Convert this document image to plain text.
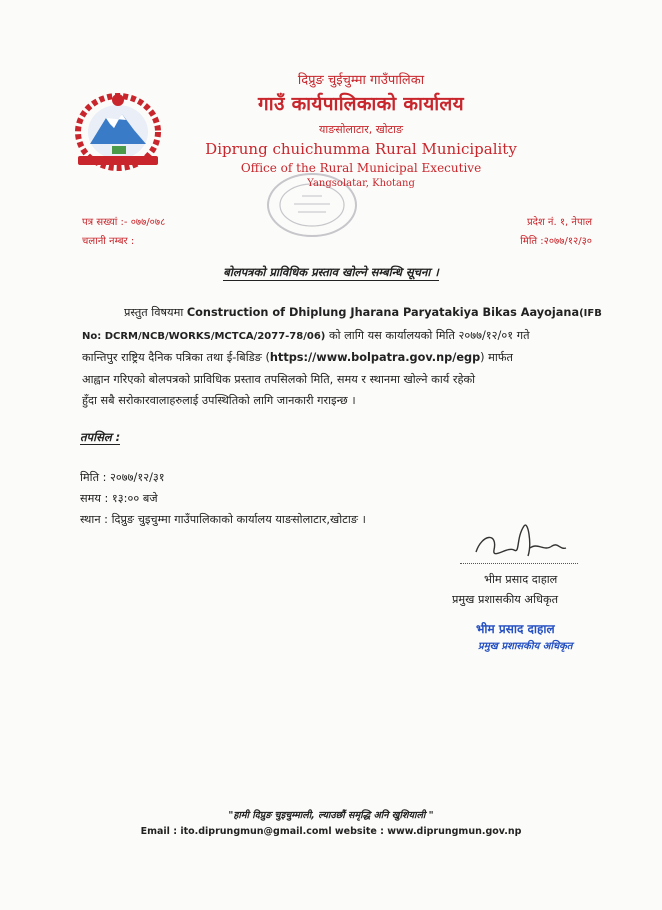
दिप्रुङ चुईचुम्मा गाउँपालिका
गाउँ कार्यपालिकाको कार्यालय
याङसोलाटार, खोटाङ
Diprung chuichumma Rural Municipality
Office of the Rural Municipal Executive
Yangsolatar, Khotang
पत्र सख्यां :- ०७७/०७८
चलानी नम्बर :
प्रदेश नं. १, नेपाल
मिति :२०७७/१२/३०
बोलपत्रको प्राविधिक प्रस्ताव खोल्ने सम्बन्धि सूचना ।
प्रस्तुत विषयमा Construction of Dhiplung Jharana Paryatakiya Bikas Aayojana(IFB
No: DCRM/NCB/WORKS/MCTCA/2077-78/06) को लागि यस कार्यालयको मिति २०७७/१२/०१ गते
कान्तिपुर राष्ट्रिय दैनिक पत्रिका तथा ई-बिडिङ (https://www.bolpatra.gov.np/egp) मार्फत
आह्वान गरिएको बोलपत्रको प्राविधिक प्रस्ताव तपसिलको मिति, समय र स्थानमा खोल्ने कार्य रहेको
हुँदा सबै सरोकारवालाहरुलाई उपस्थितिको लागि जानकारी गराइन्छ ।
तपसिल :
मिति : २०७७/१२/३१
समय : १३:०० बजे
स्थान : दिप्रुङ चुइचुम्मा गाउँपालिकाको कार्यालय याङसोलाटार,खोटाङ ।
भीम प्रसाद दाहाल
प्रमुख प्रशासकीय अधिकृत
भीम प्रसाद दाहाल
प्रमुख प्रशासकीय अधिकृत
"हामी दिप्रुङ चुइचुम्माली, ल्याउछौं समृद्धि अनि खुशियाली "
Email : ito.diprungmun@gmail.coml website : www.diprungmun.gov.np
